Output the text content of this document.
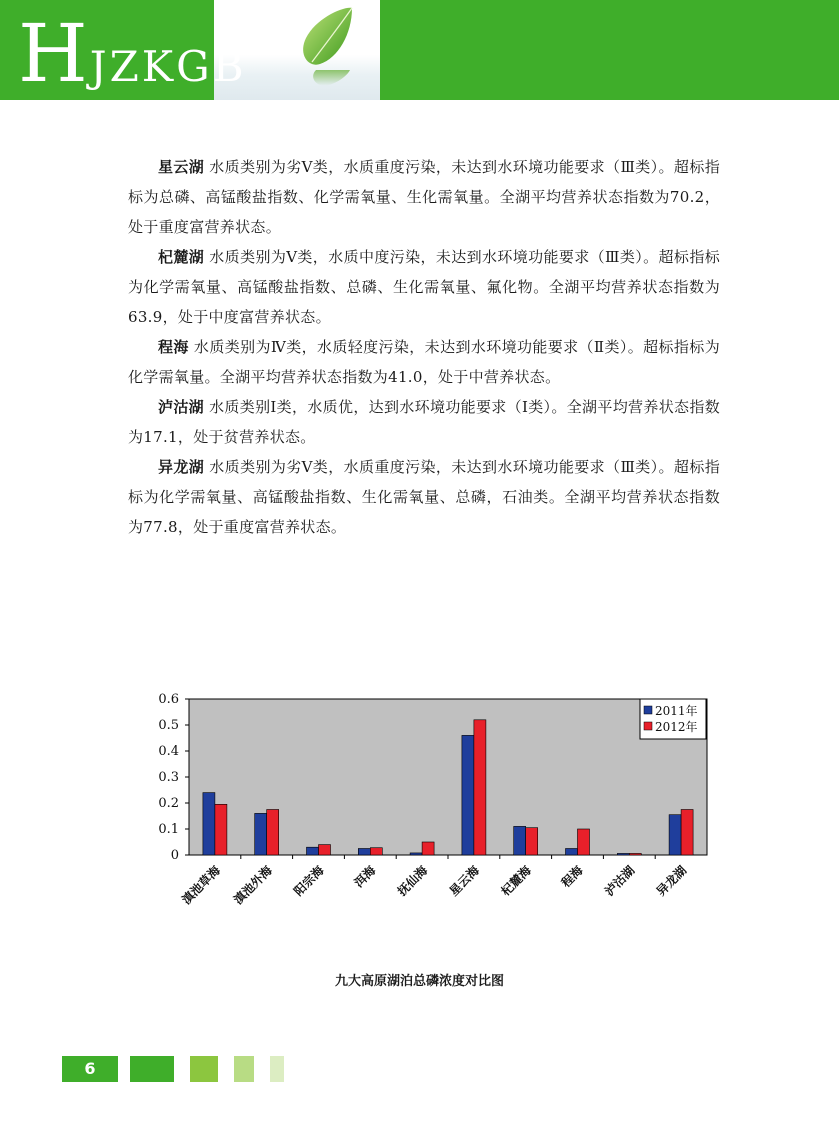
HJZKGB

星云湖 水质类别为劣Ⅴ类，水质重度污染，未达到水环境功能要求（Ⅲ类）。超标指标为总磷、高锰酸盐指数、化学需氧量、生化需氧量。全湖平均营养状态指数为70.2，处于重度富营养状态。

杞麓湖 水质类别为Ⅴ类，水质中度污染，未达到水环境功能要求（Ⅲ类）。超标指标为化学需氧量、高锰酸盐指数、总磷、生化需氧量、氟化物。全湖平均营养状态指数为63.9，处于中度富营养状态。

程海 水质类别为Ⅳ类，水质轻度污染，未达到水环境功能要求（Ⅱ类）。超标指标为化学需氧量。全湖平均营养状态指数为41.0，处于中营养状态。

泸沽湖 水质类别Ⅰ类，水质优，达到水环境功能要求（Ⅰ类）。全湖平均营养状态指数为17.1，处于贫营养状态。

异龙湖 水质类别为劣Ⅴ类，水质重度污染，未达到水环境功能要求（Ⅲ类）。超标指标为化学需氧量、高锰酸盐指数、生化需氧量、总磷，石油类。全湖平均营养状态指数为77.8，处于重度富营养状态。

0
0.1
0.2
0.3
0.4
0.5
0.6
滇池草海 滇池外海 阳宗海 洱海 抚仙海 星云海 杞麓海 程海 泸沽湖 异龙湖
2011年
2012年
九大高原湖泊总磷浓度对比图
6
